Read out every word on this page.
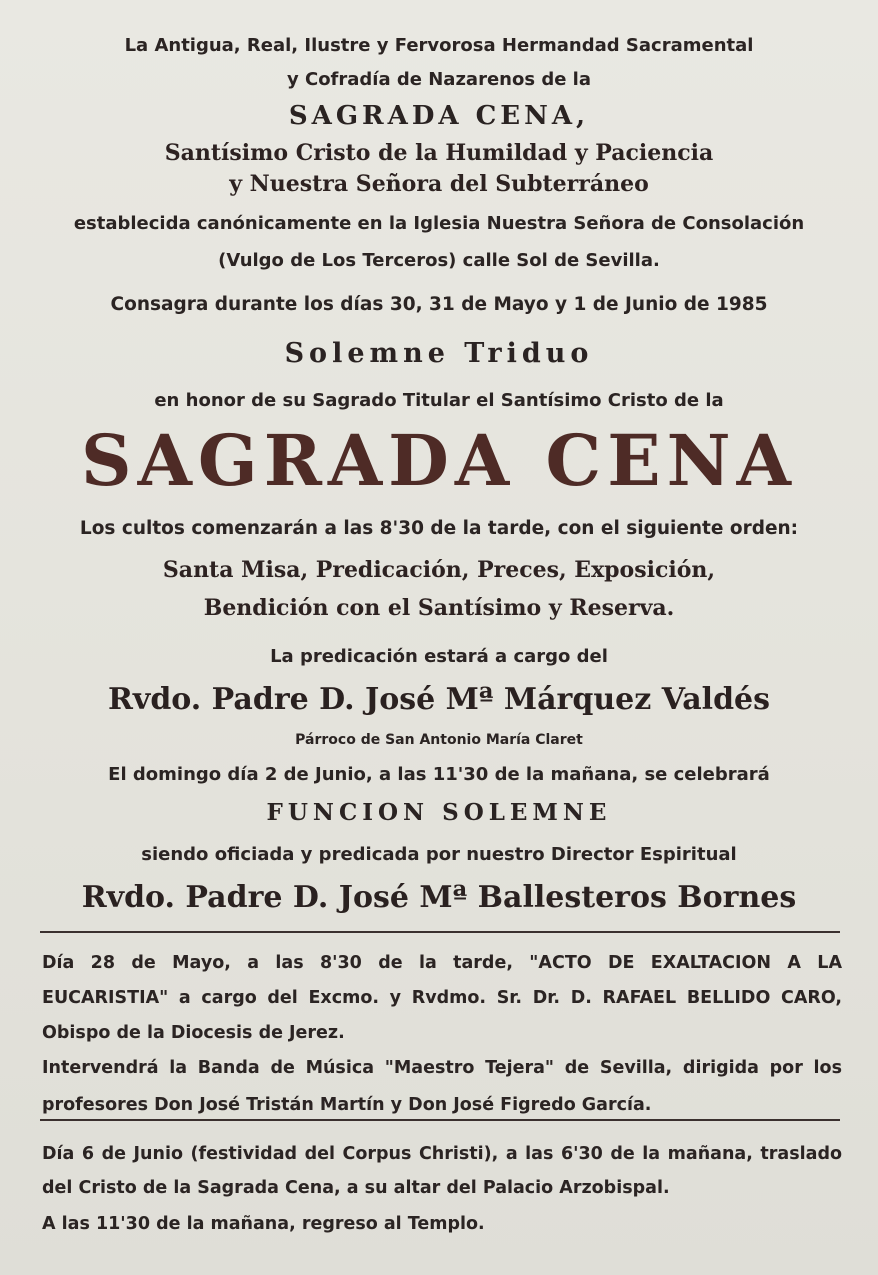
La Antigua, Real, Ilustre y Fervorosa Hermandad Sacramental
y Cofradía de Nazarenos de la
SAGRADA CENA,
Santísimo Cristo de la Humildad y Paciencia
y Nuestra Señora del Subterráneo
establecida canónicamente en la Iglesia Nuestra Señora de Consolación
(Vulgo de Los Terceros) calle Sol de Sevilla.
Consagra durante los días 30, 31 de Mayo y 1 de Junio de 1985
Solemne Triduo
en honor de su Sagrado Titular el Santísimo Cristo de la
SAGRADA CENA
Los cultos comenzarán a las 8'30 de la tarde, con el siguiente orden:
Santa Misa, Predicación, Preces, Exposición,
Bendición con el Santísimo y Reserva.
La predicación estará a cargo del
Rvdo. Padre D. José Mª Márquez Valdés
Párroco de San Antonio María Claret
El domingo día 2 de Junio, a las 11'30 de la mañana, se celebrará
FUNCION SOLEMNE
siendo oficiada y predicada por nuestro Director Espiritual
Rvdo. Padre D. José Mª Ballesteros Bornes
Día 28 de Mayo, a las 8'30 de la tarde, "ACTO DE EXALTACION A LA
EUCARISTIA" a cargo del Excmo. y Rvdmo. Sr. Dr. D. RAFAEL BELLIDO CARO,
Obispo de la Diocesis de Jerez.
Intervendrá la Banda de Música "Maestro Tejera" de Sevilla, dirigida por los
profesores Don José Tristán Martín y Don José Figredo García.
Día 6 de Junio (festividad del Corpus Christi), a las 6'30 de la mañana, traslado
del Cristo de la Sagrada Cena, a su altar del Palacio Arzobispal.
A las 11'30 de la mañana, regreso al Templo.
